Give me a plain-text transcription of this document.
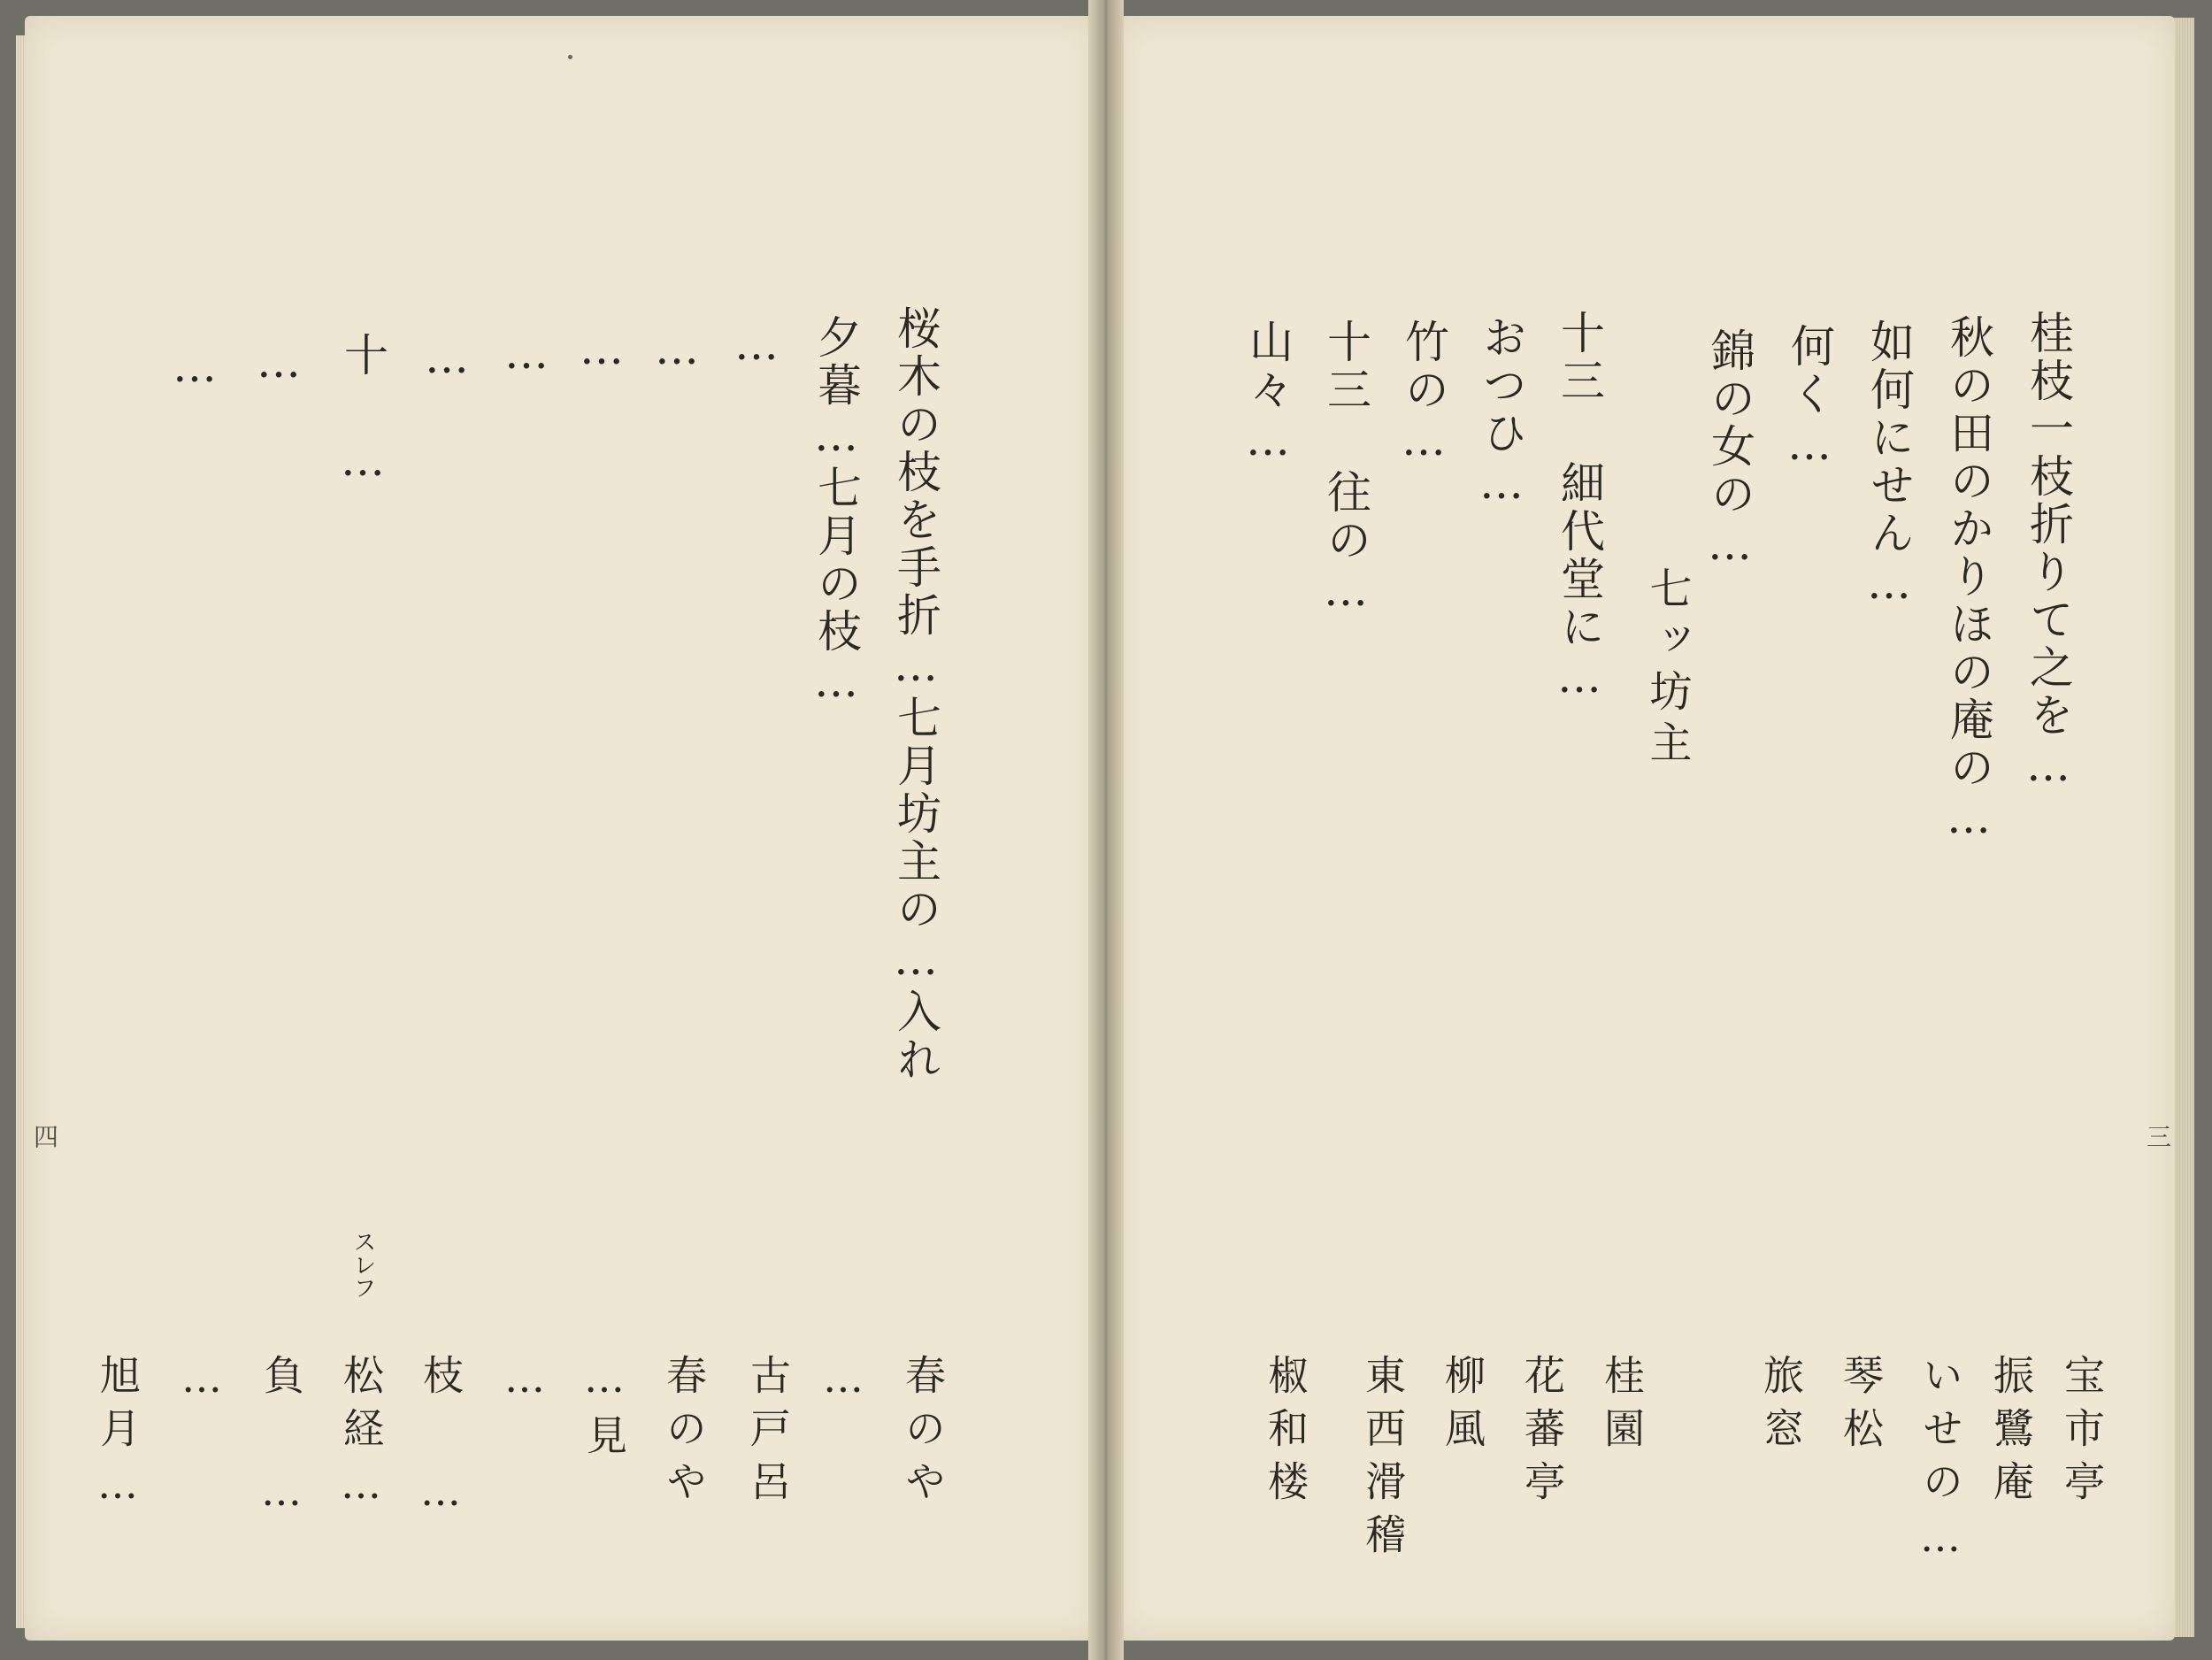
桂枝一枝折りて之を…
秋の田のかりほの庵の…
如何にせん…
何く…
錦の女の…
七ッ坊主
十三 細代堂に…
おつひ…
竹の…
十三 往の…
山々…
宝市亭
振鷺庵
いせの…
琴松
旅窓
桂園
花蕃亭
柳風
東西滑稽
椒和楼
三
桜木の枝を手折…七月坊主の…入れ
夕暮…七月の枝…
…
…
…
…
…
十 …
…
…
スレフ
春のや
…
古戸呂
春のや
…見
…
枝 …
松経…
負 …
…
旭月…
四
